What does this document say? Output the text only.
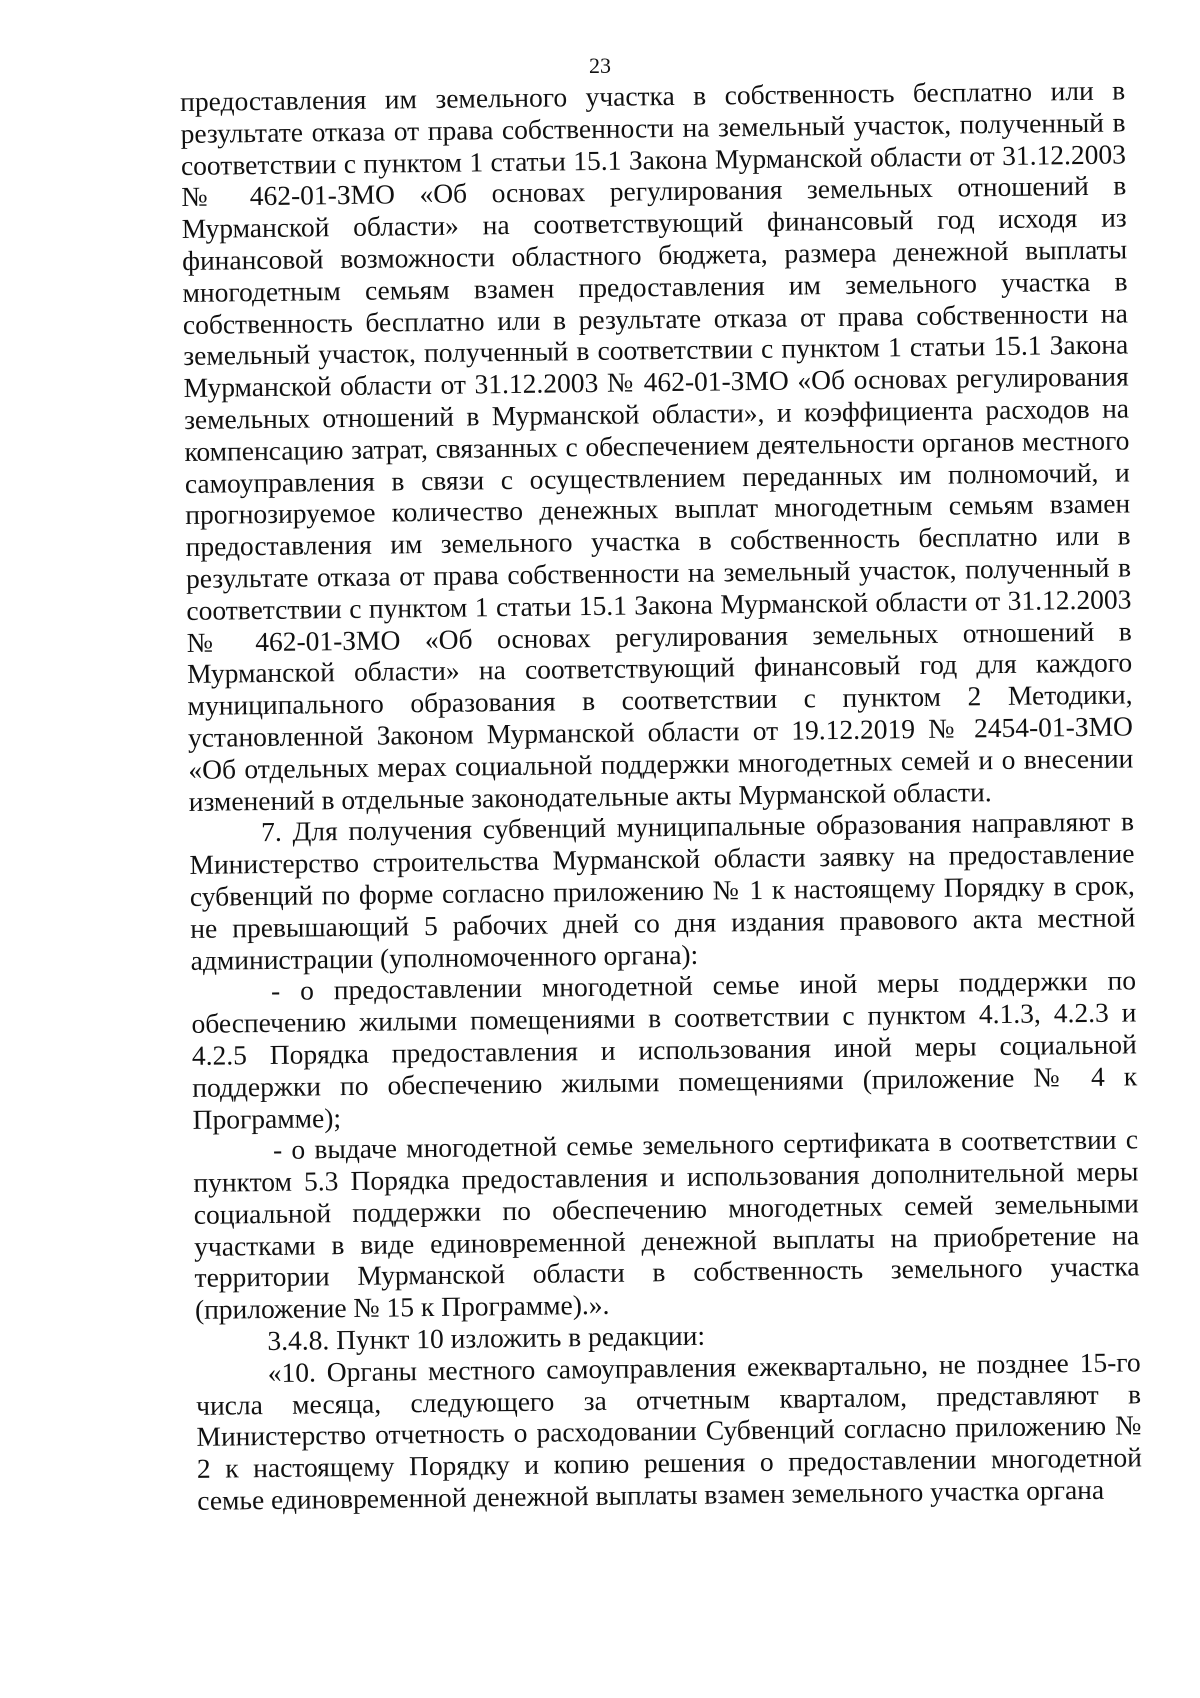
23

предоставления им земельного участка в собственность бесплатно или в результате отказа от права собственности на земельный участок, полученный в соответствии с пунктом 1 статьи 15.1 Закона Мурманской области от 31.12.2003 № 462-01-ЗМО «Об основах регулирования земельных отношений в Мурманской области» на соответствующий финансовый год исходя из финансовой возможности областного бюджета, размера денежной выплаты многодетным семьям взамен предоставления им земельного участка в собственность бесплатно или в результате отказа от права собственности на земельный участок, полученный в соответствии с пунктом 1 статьи 15.1 Закона Мурманской области от 31.12.2003 № 462-01-ЗМО «Об основах регулирования земельных отношений в Мурманской области», и коэффициента расходов на компенсацию затрат, связанных с обеспечением деятельности органов местного самоуправления в связи с осуществлением переданных им полномочий, и прогнозируемое количество денежных выплат многодетным семьям взамен предоставления им земельного участка в собственность бесплатно или в результате отказа от права собственности на земельный участок, полученный в соответствии с пунктом 1 статьи 15.1 Закона Мурманской области от 31.12.2003 № 462-01-ЗМО «Об основах регулирования земельных отношений в Мурманской области» на соответствующий финансовый год для каждого муниципального образования в соответствии с пунктом 2 Методики, установленной Законом Мурманской области от 19.12.2019 № 2454-01-ЗМО «Об отдельных мерах социальной поддержки многодетных семей и о внесении изменений в отдельные законодательные акты Мурманской области.

7. Для получения субвенций муниципальные образования направляют в Министерство строительства Мурманской области заявку на предоставление субвенций по форме согласно приложению № 1 к настоящему Порядку в срок, не превышающий 5 рабочих дней со дня издания правового акта местной администрации (уполномоченного органа):

- о предоставлении многодетной семье иной меры поддержки по обеспечению жилыми помещениями в соответствии с пунктом 4.1.3, 4.2.3 и 4.2.5 Порядка предоставления и использования иной меры социальной поддержки по обеспечению жилыми помещениями (приложение № 4 к Программе);

- о выдаче многодетной семье земельного сертификата в соответствии с пунктом 5.3 Порядка предоставления и использования дополнительной меры социальной поддержки по обеспечению многодетных семей земельными участками в виде единовременной денежной выплаты на приобретение на территории Мурманской области в собственность земельного участка (приложение № 15 к Программе).».

3.4.8. Пункт 10 изложить в редакции:

«10. Органы местного самоуправления ежеквартально, не позднее 15-го числа месяца, следующего за отчетным кварталом, представляют в Министерство отчетность о расходовании Субвенций согласно приложению № 2 к настоящему Порядку и копию решения о предоставлении многодетной семье единовременной денежной выплаты взамен земельного участка органа
